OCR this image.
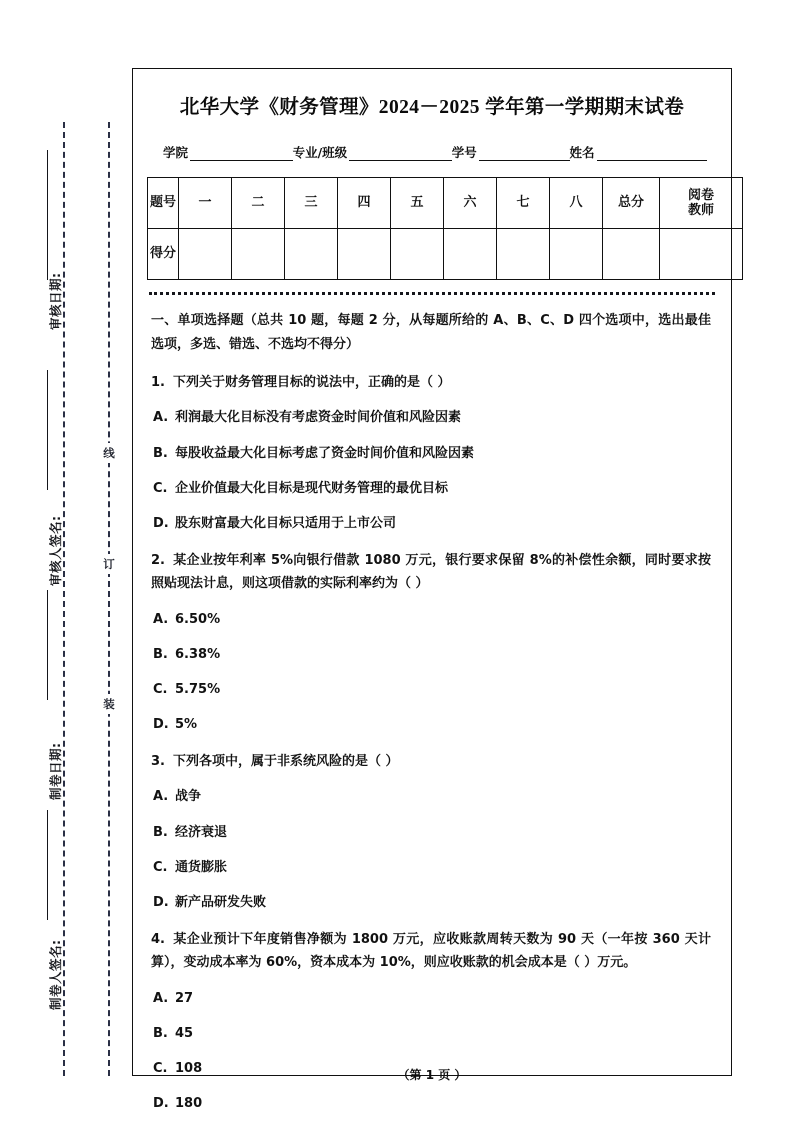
审核日期:
审核人签名:
制卷日期:
制卷人签名:
线
订
装
北华大学《财务管理》2024－2025 学年第一学期期末试卷
学院	专业/班级	学号	姓名
题号	一	二	三	四	五	六	七	八	总分	阅卷
教师

得分										

一、单项选择题（总共 10 题，每题 2 分，从每题所给的 A、B、C、D 四个选项中，选出最佳选项，多选、错选、不选均不得分）
1. 下列关于财务管理目标的说法中，正确的是（ ）
A. 利润最大化目标没有考虑资金时间价值和风险因素
B. 每股收益最大化目标考虑了资金时间价值和风险因素
C. 企业价值最大化目标是现代财务管理的最优目标
D. 股东财富最大化目标只适用于上市公司
2. 某企业按年利率 5%向银行借款 1080 万元，银行要求保留 8%的补偿性余额，同时要求按照贴现法计息，则这项借款的实际利率约为（ ）
A. 6.50%
B. 6.38%
C. 5.75%
D. 5%
3. 下列各项中，属于非系统风险的是（ ）
A. 战争
B. 经济衰退
C. 通货膨胀
D. 新产品研发失败
4. 某企业预计下年度销售净额为 1800 万元，应收账款周转天数为 90 天（一年按 360 天计算），变动成本率为 60%，资本成本为 10%，则应收账款的机会成本是（ ）万元。
A. 27
B. 45
C. 108
D. 180
（第 1 页 ）
